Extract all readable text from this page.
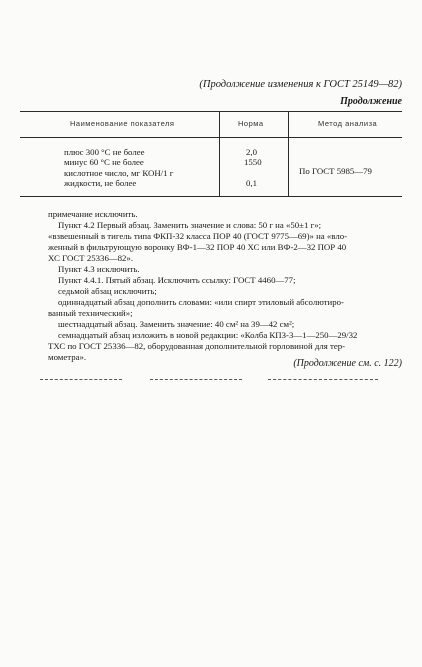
(Продолжение изменения к ГОСТ 25149—82)
Продолжение
Наименование показателя	Норма	Метод анализа
плюс 300 °С не более	2,0
минус 60 °С не более	1550
кислотное число, мг КОН/1 г
жидкости, не более	0,1
По ГОСТ 5985—79
примечание исключить.
Пункт 4.2 Первый абзац. Заменить значение и слова: 50 г на «50±1 г»;
«взвешенный в тигель типа ФКП-32 класса ПОР 40 (ГОСТ 9775—69)» на «вло-
женный в фильтрующую воронку ВФ-1—32 ПОР 40 ХС или ВФ-2—32 ПОР 40
ХС ГОСТ 25336—82».
Пункт 4.3 исключить.
Пункт 4.4.1. Пятый абзац. Исключить ссылку: ГОСТ 4460—77;
седьмой абзац исключить;
одиннадцатый абзац дополнить словами: «или спирт этиловый абсолютиро-
ванный технический»;
шестнадцатый абзац. Заменить значение: 40 см² на 39—42 см²;
семнадцатый абзац изложить в новой редакции: «Колба КПЗ-3—1—250—29/32
ТХС по ГОСТ 25336—82, оборудованная дополнительной горловиной для тер-
мометра».
(Продолжение см. с. 122)
